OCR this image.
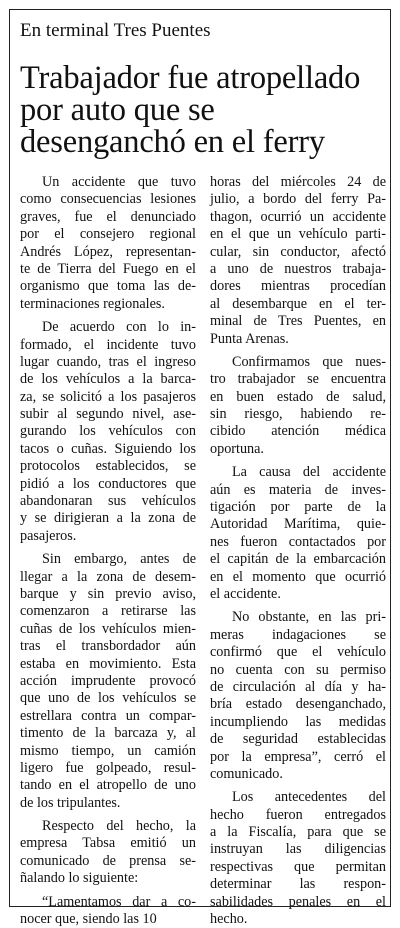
En terminal Tres Puentes
Trabajador fue atropellado
por auto que se
desenganchó en el ferry
Un accidente que tuvo
como consecuencias lesiones
graves, fue el denunciado
por el consejero regional
Andrés López, representan-
te de Tierra del Fuego en el
organismo que toma las de-
terminaciones regionales.
De acuerdo con lo in-
formado, el incidente tuvo
lugar cuando, tras el ingreso
de los vehículos a la barca-
za, se solicitó a los pasajeros
subir al segundo nivel, ase-
gurando los vehículos con
tacos o cuñas. Siguiendo los
protocolos establecidos, se
pidió a los conductores que
abandonaran sus vehículos
y se dirigieran a la zona de
pasajeros.
Sin embargo, antes de
llegar a la zona de desem-
barque y sin previo aviso,
comenzaron a retirarse las
cuñas de los vehículos mien-
tras el transbordador aún
estaba en movimiento. Esta
acción imprudente provocó
que uno de los vehículos se
estrellara contra un compar-
timento de la barcaza y, al
mismo tiempo, un camión
ligero fue golpeado, resul-
tando en el atropello de uno
de los tripulantes.
Respecto del hecho, la
empresa Tabsa emitió un
comunicado de prensa se-
ñalando lo siguiente:
“Lamentamos dar a co-
nocer que, siendo las 10
horas del miércoles 24 de
julio, a bordo del ferry Pa-
thagon, ocurrió un accidente
en el que un vehículo parti-
cular, sin conductor, afectó
a uno de nuestros trabaja-
dores mientras procedían
al desembarque en el ter-
minal de Tres Puentes, en
Punta Arenas.
Confirmamos que nues-
tro trabajador se encuentra
en buen estado de salud,
sin riesgo, habiendo re-
cibido atención médica
oportuna.
La causa del accidente
aún es materia de inves-
tigación por parte de la
Autoridad Marítima, quie-
nes fueron contactados por
el capitán de la embarcación
en el momento que ocurrió
el accidente.
No obstante, en las pri-
meras indagaciones se
confirmó que el vehículo
no cuenta con su permiso
de circulación al día y ha-
bría estado desenganchado,
incumpliendo las medidas
de seguridad establecidas
por la empresa”, cerró el
comunicado.
Los antecedentes del
hecho fueron entregados
a la Fiscalía, para que se
instruyan las diligencias
respectivas que permitan
determinar las respon-
sabilidades penales en el
hecho.
